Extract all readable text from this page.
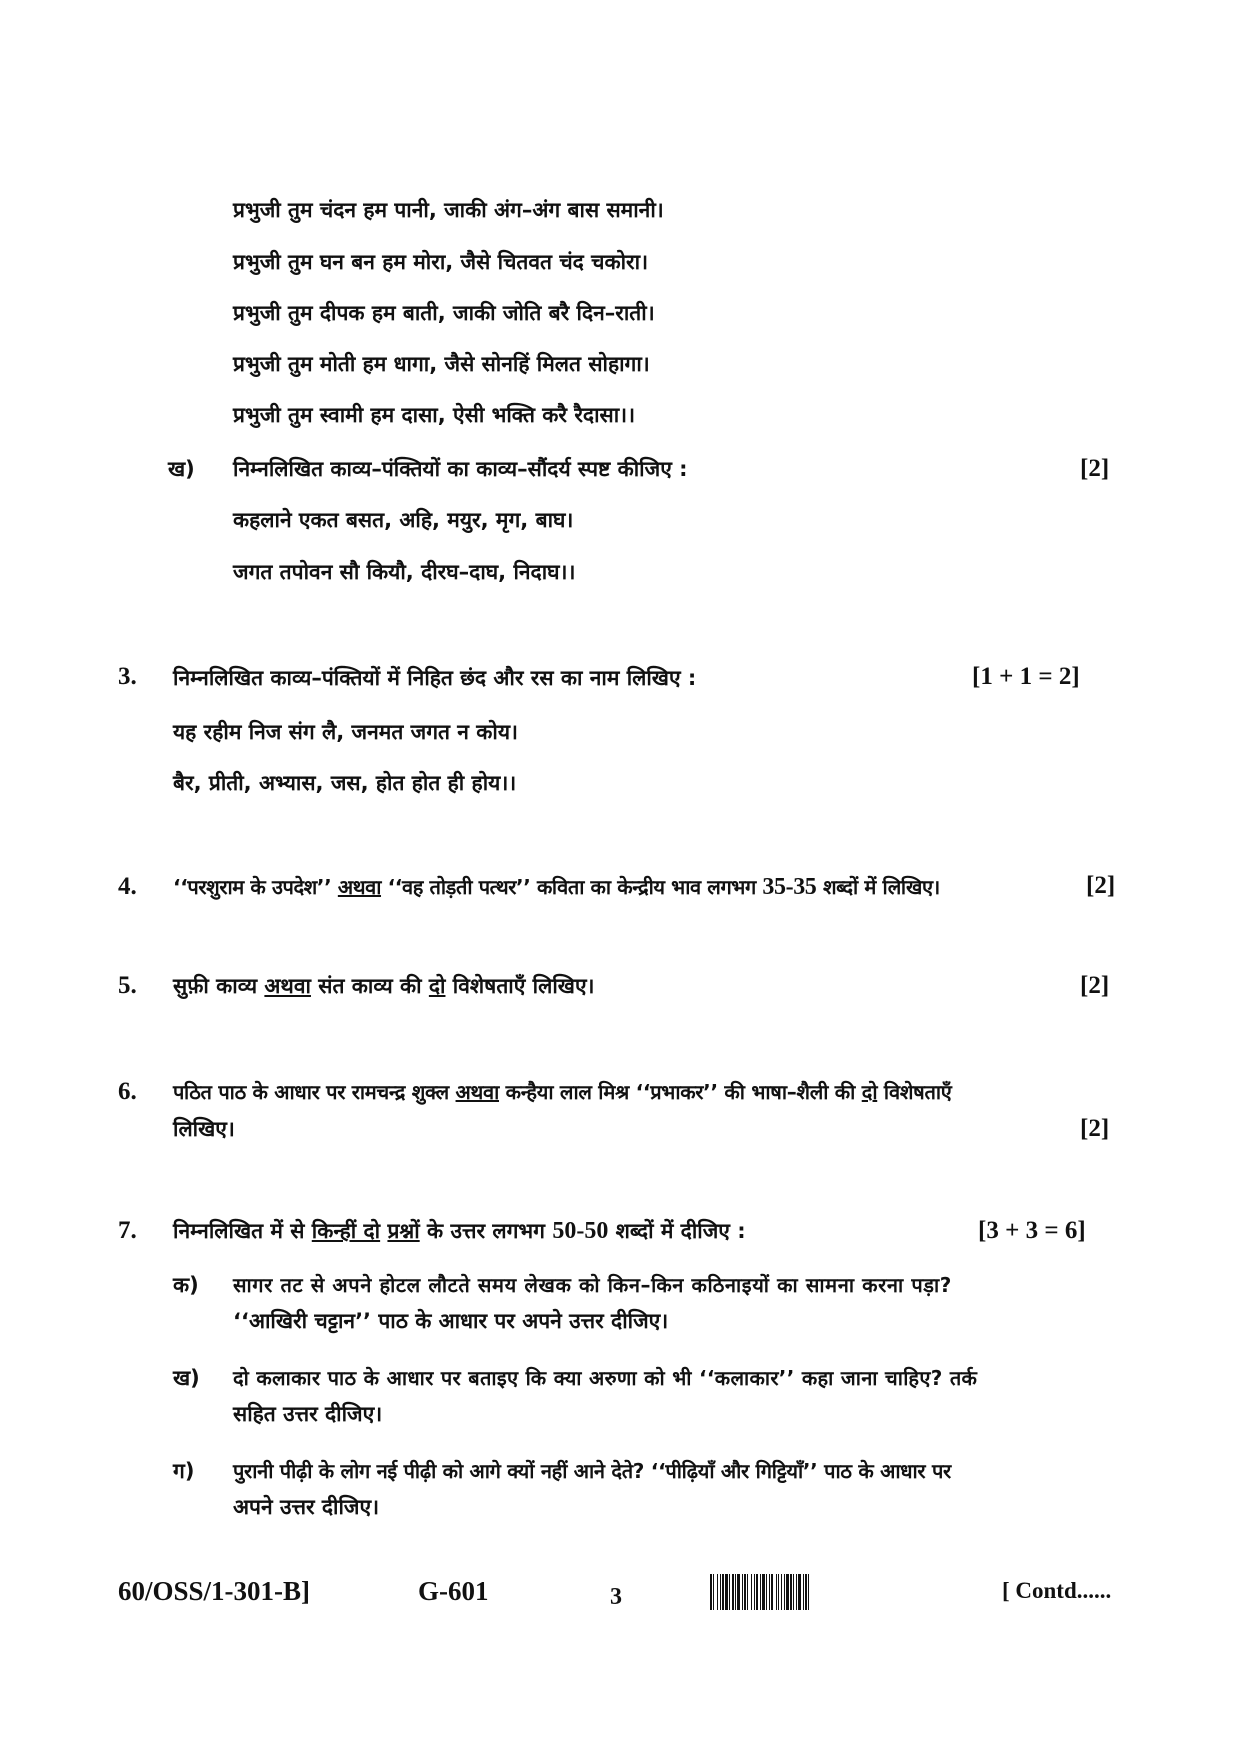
प्रभुजी तुम चंदन हम पानी, जाकी अंग–अंग बास समानी।
प्रभुजी तुम घन बन हम मोरा, जैसे चितवत चंद चकोरा।
प्रभुजी तुम दीपक हम बाती, जाकी जोति बरै दिन–राती।
प्रभुजी तुम मोती हम धागा, जैसे सोनहिं मिलत सोहागा।
प्रभुजी तुम स्वामी हम दासा, ऐसी भक्ति करै रैदासा।।
ख) निम्नलिखित काव्य–पंक्तियों का काव्य–सौंदर्य स्पष्ट कीजिए :	[2]
कहलाने एकत बसत, अहि, मयुर, मृग, बाघ।
जगत तपोवन सौ कियौ, दीरघ–दाघ, निदाघ।।
3. निम्नलिखित काव्य–पंक्तियों में निहित छंद और रस का नाम लिखिए :	[1 + 1 = 2]
यह रहीम निज संग लै, जनमत जगत न कोय।
बैर, प्रीती, अभ्यास, जस, होत होत ही होय।।
4. ‘‘परशुराम के उपदेश’’ अथवा ‘‘वह तोड़ती पत्थर’’ कविता का केन्द्रीय भाव लगभग 35-35 शब्दों में लिखिए।	[2]
5. सुफ़ी काव्य अथवा संत काव्य की दो विशेषताएँ लिखिए।	[2]
6. पठित पाठ के आधार पर रामचन्द्र शुक्ल अथवा कन्हैया लाल मिश्र ‘‘प्रभाकर’’ की भाषा–शैली की दो विशेषताएँ
लिखिए।	[2]
7. निम्नलिखित में से किन्हीं दो प्रश्नों के उत्तर लगभग 50-50 शब्दों में दीजिए :	[3 + 3 = 6]
क) सागर तट से अपने होटल लौटते समय लेखक को किन–किन कठिनाइयों का सामना करना पड़ा?
‘‘आखिरी चट्टान’’ पाठ के आधार पर अपने उत्तर दीजिए।
ख) दो कलाकार पाठ के आधार पर बताइए कि क्या अरुणा को भी ‘‘कलाकार’’ कहा जाना चाहिए? तर्क
सहित उत्तर दीजिए।
ग) पुरानी पीढ़ी के लोग नई पीढ़ी को आगे क्यों नहीं आने देते? ‘‘पीढ़ियाँ और गिट्टियाँ’’ पाठ के आधार पर
अपने उत्तर दीजिए।
60/OSS/1-301-B]	G-601	3	[ Contd......
